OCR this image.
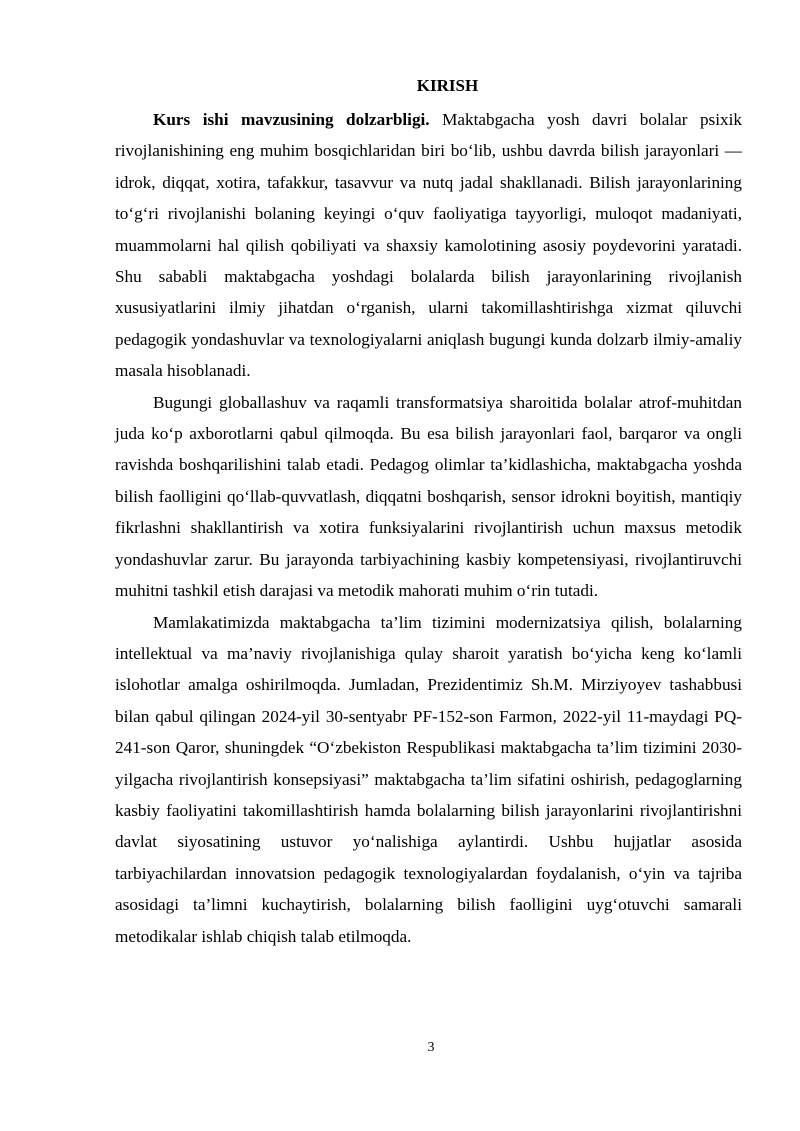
KIRISH

Kurs ishi mavzusining dolzarbligi. Maktabgacha yosh davri bolalar psixik rivojlanishining eng muhim bosqichlaridan biri bo‘lib, ushbu davrda bilish jarayonlari — idrok, diqqat, xotira, tafakkur, tasavvur va nutq jadal shakllanadi. Bilish jarayonlarining to‘g‘ri rivojlanishi bolaning keyingi o‘quv faoliyatiga tayyorligi, muloqot madaniyati, muammolarni hal qilish qobiliyati va shaxsiy kamolotining asosiy poydevorini yaratadi. Shu sababli maktabgacha yoshdagi bolalarda bilish jarayonlarining rivojlanish xususiyatlarini ilmiy jihatdan o‘rganish, ularni takomillashtirishga xizmat qiluvchi pedagogik yondashuvlar va texnologiyalarni aniqlash bugungi kunda dolzarb ilmiy-amaliy masala hisoblanadi.

Bugungi globallashuv va raqamli transformatsiya sharoitida bolalar atrof-muhitdan juda ko‘p axborotlarni qabul qilmoqda. Bu esa bilish jarayonlari faol, barqaror va ongli ravishda boshqarilishini talab etadi. Pedagog olimlar ta’kidlashicha, maktabgacha yoshda bilish faolligini qo‘llab-quvvatlash, diqqatni boshqarish, sensor idrokni boyitish, mantiqiy fikrlashni shakllantirish va xotira funksiyalarini rivojlantirish uchun maxsus metodik yondashuvlar zarur. Bu jarayonda tarbiyachining kasbiy kompetensiyasi, rivojlantiruvchi muhitni tashkil etish darajasi va metodik mahorati muhim o‘rin tutadi.

Mamlakatimizda maktabgacha ta’lim tizimini modernizatsiya qilish, bolalarning intellektual va ma’naviy rivojlanishiga qulay sharoit yaratish bo‘yicha keng ko‘lamli islohotlar amalga oshirilmoqda. Jumladan, Prezidentimiz Sh.M. Mirziyoyev tashabbusi bilan qabul qilingan 2024-yil 30-sentyabr PF-152-son Farmon, 2022-yil 11-maydagi PQ-241-son Qaror, shuningdek “O‘zbekiston Respublikasi maktabgacha ta’lim tizimini 2030-yilgacha rivojlantirish konsepsiyasi” maktabgacha ta’lim sifatini oshirish, pedagoglarning kasbiy faoliyatini takomillashtirish hamda bolalarning bilish jarayonlarini rivojlantirishni davlat siyosatining ustuvor yo‘nalishiga aylantirdi. Ushbu hujjatlar asosida tarbiyachilardan innovatsion pedagogik texnologiyalardan foydalanish, o‘yin va tajriba asosidagi ta’limni kuchaytirish, bolalarning bilish faolligini uyg‘otuvchi samarali metodikalar ishlab chiqish talab etilmoqda.

3
